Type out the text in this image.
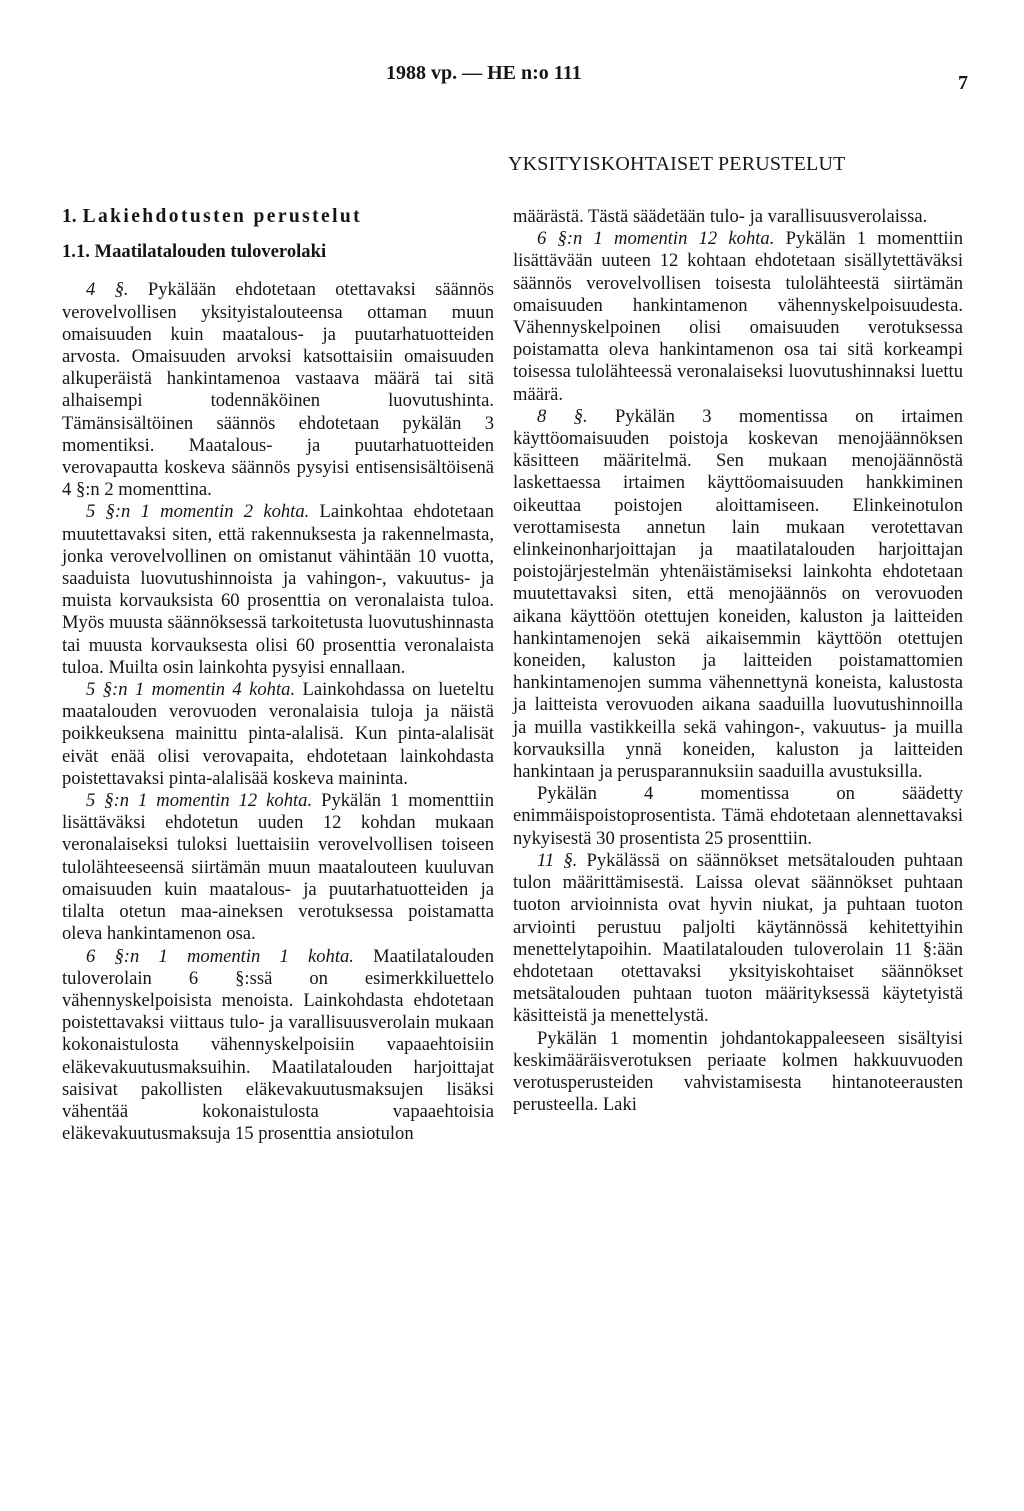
1988 vp. — HE n:o 111	7
YKSITYISKOHTAISET PERUSTELUT
1. Lakiehdotusten perustelut
1.1. Maatilatalouden tuloverolaki

4 §. Pykälään ehdotetaan otettavaksi säännös verovelvollisen yksityistalouteensa ottaman muun omaisuuden kuin maatalous- ja puutarhatuotteiden arvosta. Omaisuuden arvoksi katsottaisiin omaisuuden alkuperäistä hankintamenoa vastaava määrä tai sitä alhaisempi todennäköinen luovutushinta. Tämänsisältöinen säännös ehdotetaan pykälän 3 momentiksi. Maatalous- ja puutarhatuotteiden verovapautta koskeva säännös pysyisi entisensisältöisenä 4 §:n 2 momenttina.

5 §:n 1 momentin 2 kohta. Lainkohtaa ehdotetaan muutettavaksi siten, että rakennuksesta ja rakennelmasta, jonka verovelvollinen on omistanut vähintään 10 vuotta, saaduista luovutushinnoista ja vahingon-, vakuutus- ja muista korvauksista 60 prosenttia on veronalaista tuloa. Myös muusta säännöksessä tarkoitetusta luovutushinnasta tai muusta korvauksesta olisi 60 prosenttia veronalaista tuloa. Muilta osin lainkohta pysyisi ennallaan.

5 §:n 1 momentin 4 kohta. Lainkohdassa on lueteltu maatalouden verovuoden veronalaisia tuloja ja näistä poikkeuksena mainittu pinta-alalisä. Kun pinta-alalisät eivät enää olisi verovapaita, ehdotetaan lainkohdasta poistettavaksi pinta-alalisää koskeva maininta.

5 §:n 1 momentin 12 kohta. Pykälän 1 momenttiin lisättäväksi ehdotetun uuden 12 kohdan mukaan veronalaiseksi tuloksi luettaisiin verovelvollisen toiseen tulolähteeseensä siirtämän muun maatalouteen kuuluvan omaisuuden kuin maatalous- ja puutarhatuotteiden ja tilalta otetun maa-aineksen verotuksessa poistamatta oleva hankintamenon osa.

6 §:n 1 momentin 1 kohta. Maatilatalouden tuloverolain 6 §:ssä on esimerkkiluettelo vähennyskelpoisista menoista. Lainkohdasta ehdotetaan poistettavaksi viittaus tulo- ja varallisuusverolain mukaan kokonaistulosta vähennyskelpoisiin vapaaehtoisiin eläkevakuutusmaksuihin. Maatilatalouden harjoittajat saisivat pakollisten eläkevakuutusmaksujen lisäksi vähentää kokonaistulosta vapaaehtoisia eläkevakuutusmaksuja 15 prosenttia ansiotulon

määrästä. Tästä säädetään tulo- ja varallisuusverolaissa.

6 §:n 1 momentin 12 kohta. Pykälän 1 momenttiin lisättävään uuteen 12 kohtaan ehdotetaan sisällytettäväksi säännös verovelvollisen toisesta tulolähteestä siirtämän omaisuuden hankintamenon vähennyskelpoisuudesta. Vähennyskelpoinen olisi omaisuuden verotuksessa poistamatta oleva hankintamenon osa tai sitä korkeampi toisessa tulolähteessä veronalaiseksi luovutushinnaksi luettu määrä.

8 §. Pykälän 3 momentissa on irtaimen käyttöomaisuuden poistoja koskevan menojäännöksen käsitteen määritelmä. Sen mukaan menojäännöstä laskettaessa irtaimen käyttöomaisuuden hankkiminen oikeuttaa poistojen aloittamiseen. Elinkeinotulon verottamisesta annetun lain mukaan verotettavan elinkeinonharjoittajan ja maatilatalouden harjoittajan poistojärjestelmän yhtenäistämiseksi lainkohta ehdotetaan muutettavaksi siten, että menojäännös on verovuoden aikana käyttöön otettujen koneiden, kaluston ja laitteiden hankintamenojen sekä aikaisemmin käyttöön otettujen koneiden, kaluston ja laitteiden poistamattomien hankintamenojen summa vähennettynä koneista, kalustosta ja laitteista verovuoden aikana saaduilla luovutushinnoilla ja muilla vastikkeilla sekä vahingon-, vakuutus- ja muilla korvauksilla ynnä koneiden, kaluston ja laitteiden hankintaan ja perusparannuksiin saaduilla avustuksilla.

Pykälän 4 momentissa on säädetty enimmäispoistoprosentista. Tämä ehdotetaan alennettavaksi nykyisestä 30 prosentista 25 prosenttiin.

11 §. Pykälässä on säännökset metsätalouden puhtaan tulon määrittämisestä. Laissa olevat säännökset puhtaan tuoton arvioinnista ovat hyvin niukat, ja puhtaan tuoton arviointi perustuu paljolti käytännössä kehitettyihin menettelytapoihin. Maatilatalouden tuloverolain 11 §:ään ehdotetaan otettavaksi yksityiskohtaiset säännökset metsätalouden puhtaan tuoton määrityksessä käytetyistä käsitteistä ja menettelystä.

Pykälän 1 momentin johdantokappaleeseen sisältyisi keskimääräisverotuksen periaate kolmen hakkuuvuoden verotusperusteiden vahvistamisesta hintanoteerausten perusteella. Laki
